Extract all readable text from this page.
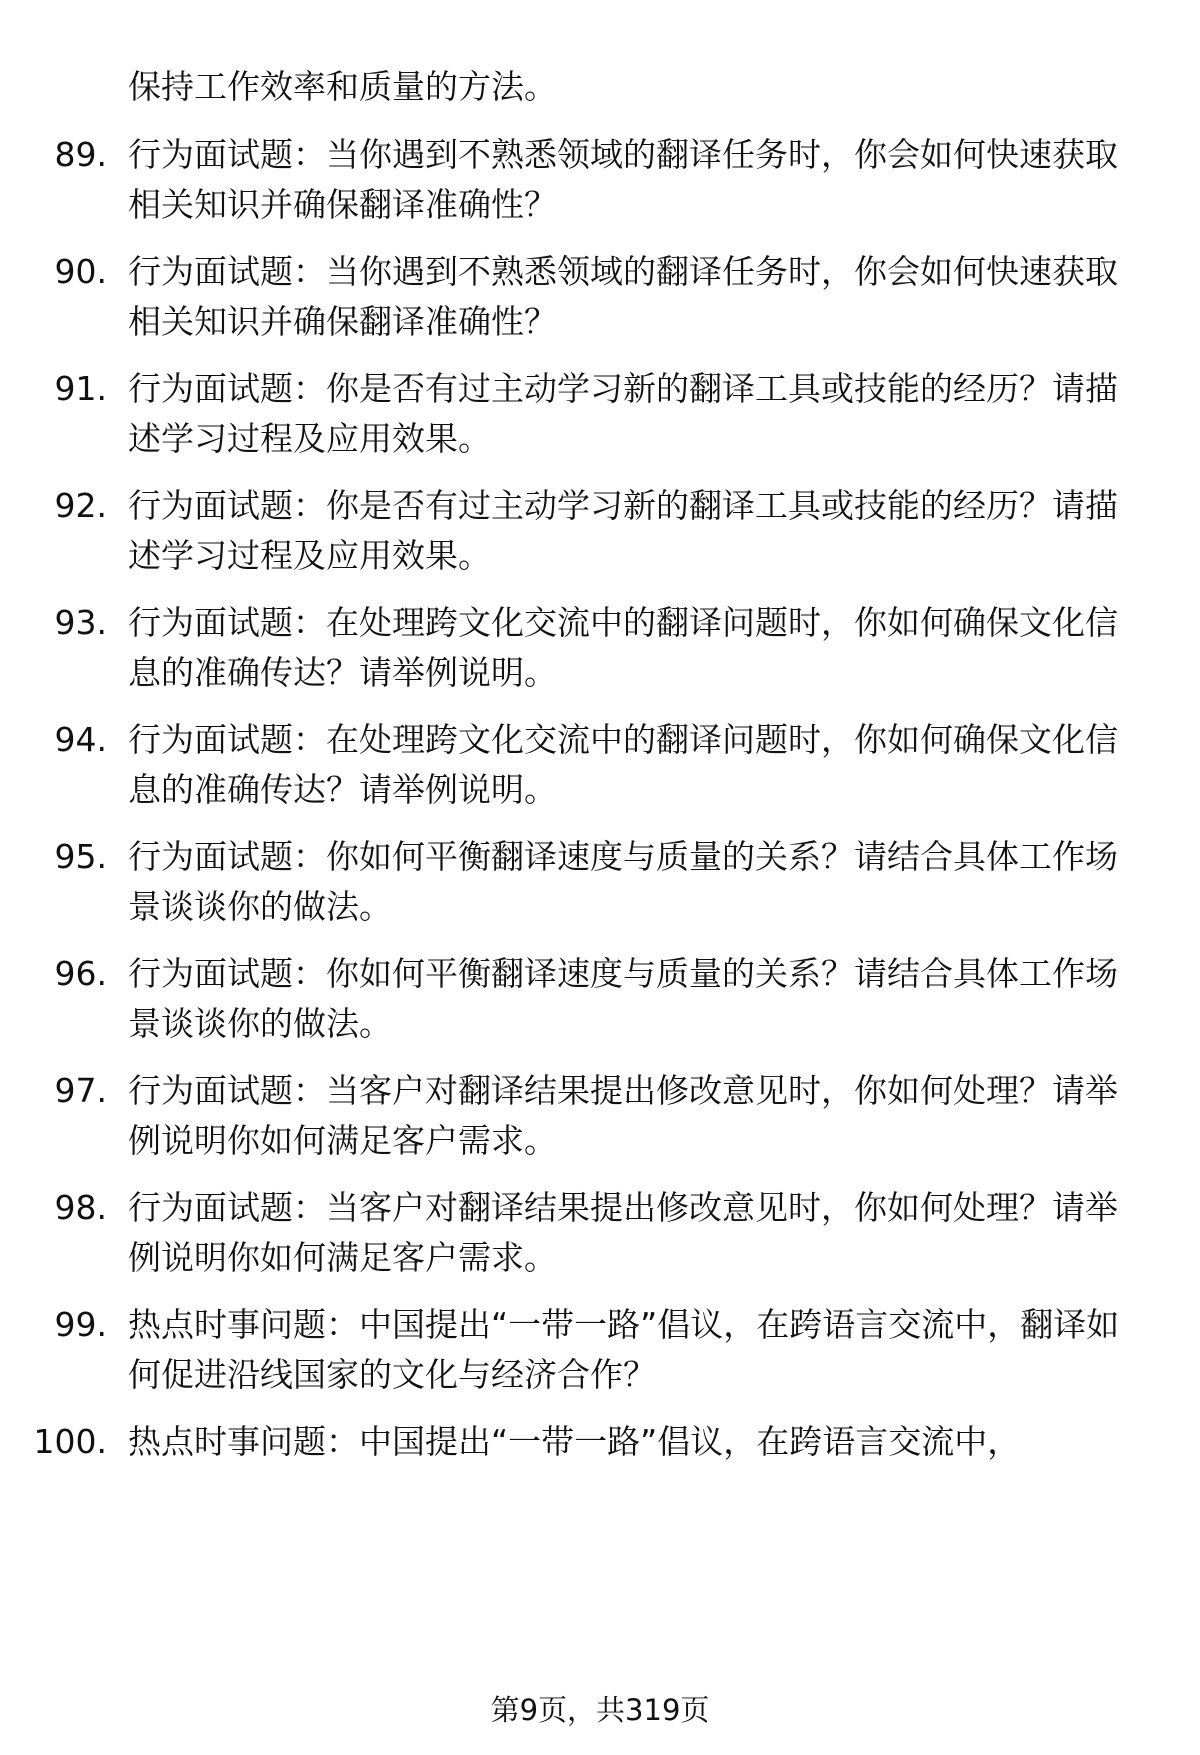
保持工作效率和质量的方法。

89. 行为面试题：当你遇到不熟悉领域的翻译任务时，你会如何快速获取相关知识并确保翻译准确性？
90. 行为面试题：当你遇到不熟悉领域的翻译任务时，你会如何快速获取相关知识并确保翻译准确性？
91. 行为面试题：你是否有过主动学习新的翻译工具或技能的经历？请描述学习过程及应用效果。
92. 行为面试题：你是否有过主动学习新的翻译工具或技能的经历？请描述学习过程及应用效果。
93. 行为面试题：在处理跨文化交流中的翻译问题时，你如何确保文化信息的准确传达？请举例说明。
94. 行为面试题：在处理跨文化交流中的翻译问题时，你如何确保文化信息的准确传达？请举例说明。
95. 行为面试题：你如何平衡翻译速度与质量的关系？请结合具体工作场景谈谈你的做法。
96. 行为面试题：你如何平衡翻译速度与质量的关系？请结合具体工作场景谈谈你的做法。
97. 行为面试题：当客户对翻译结果提出修改意见时，你如何处理？请举例说明你如何满足客户需求。
98. 行为面试题：当客户对翻译结果提出修改意见时，你如何处理？请举例说明你如何满足客户需求。
99. 热点时事问题：中国提出“一带一路”倡议，在跨语言交流中，翻译如何促进沿线国家的文化与经济合作？
100. 热点时事问题：中国提出“一带一路”倡议，在跨语言交流中，
第9页，共319页
